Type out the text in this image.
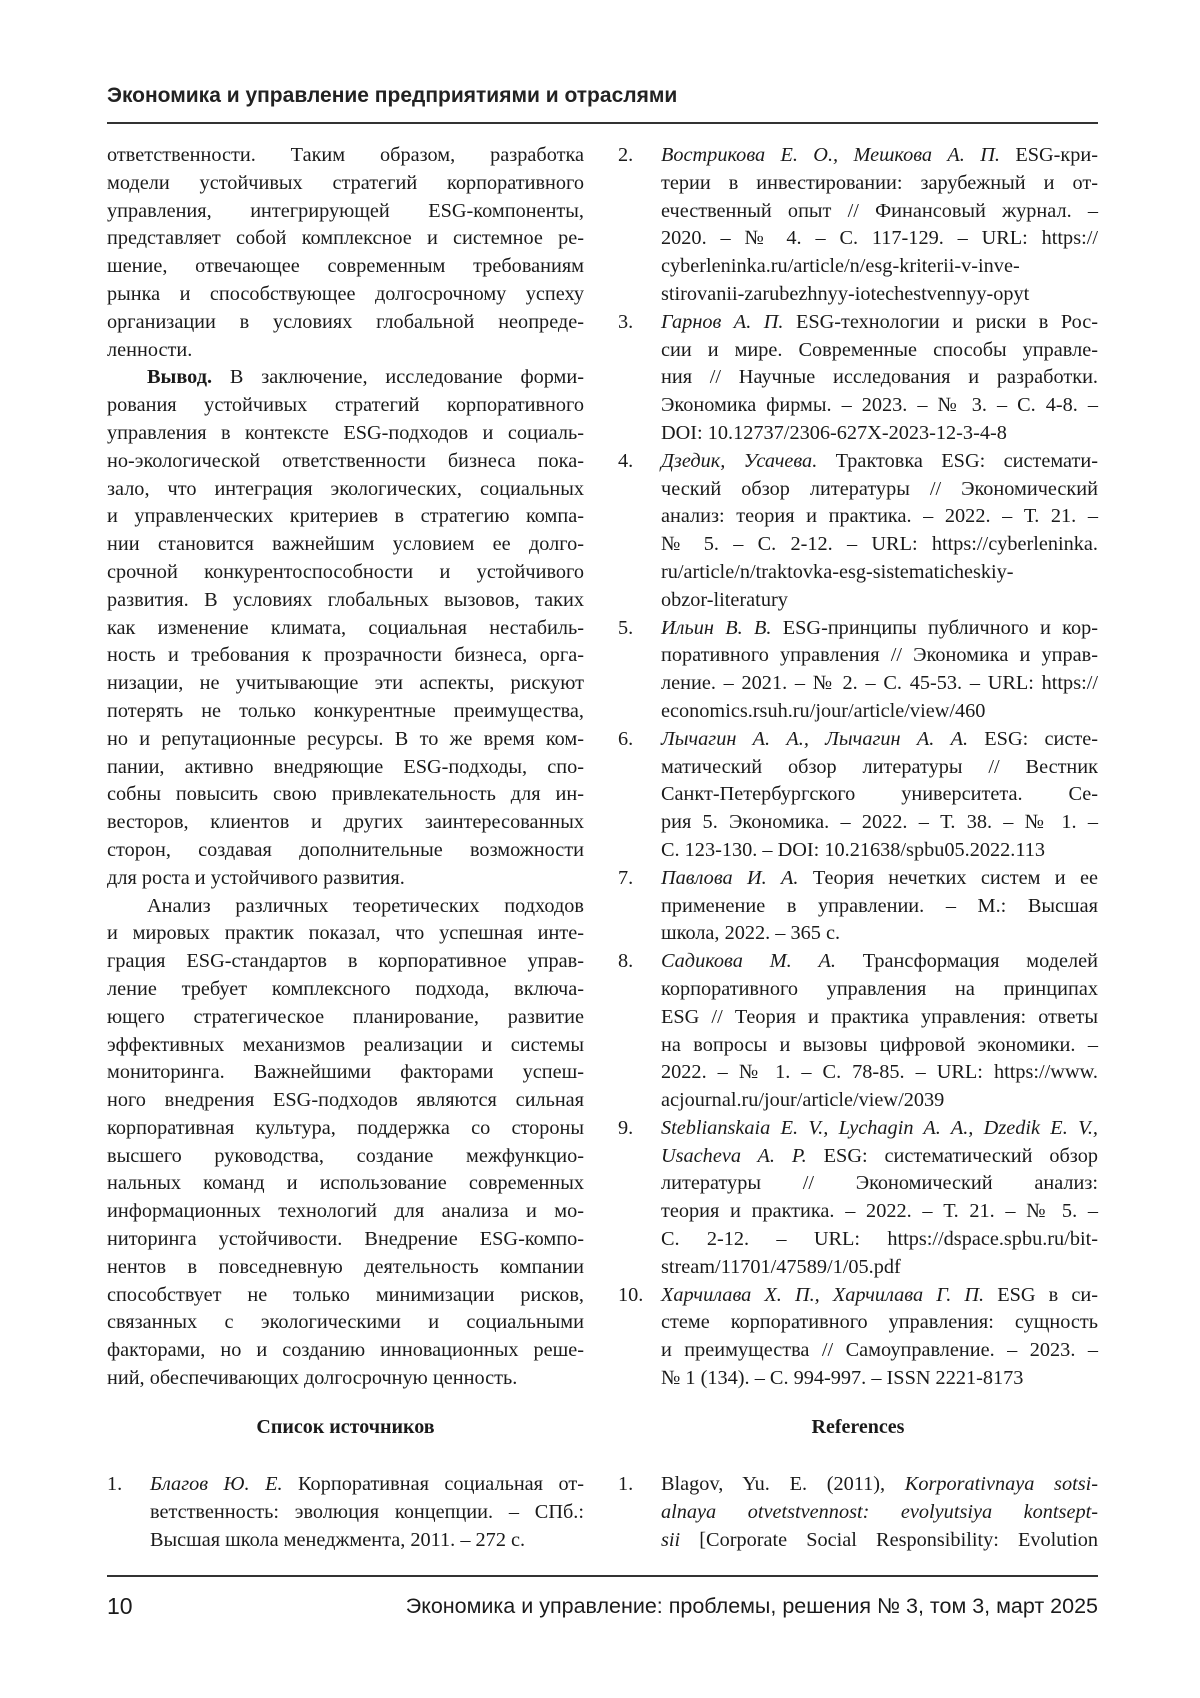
Экономика и управление предприятиями и отраслями
ответственности. Таким образом, разработка
модели устойчивых стратегий корпоративного
управления, интегрирующей ESG-компоненты,
представляет собой комплексное и системное ре-
шение, отвечающее современным требованиям
рынка и способствующее долгосрочному успеху
организации в условиях глобальной неопреде-
ленности.
Вывод. В заключение, исследование форми-
рования устойчивых стратегий корпоративного
управления в контексте ESG-подходов и социаль-
но-экологической ответственности бизнеса пока-
зало, что интеграция экологических, социальных
и управленческих критериев в стратегию компа-
нии становится важнейшим условием ее долго-
срочной конкурентоспособности и устойчивого
развития. В условиях глобальных вызовов, таких
как изменение климата, социальная нестабиль-
ность и требования к прозрачности бизнеса, орга-
низации, не учитывающие эти аспекты, рискуют
потерять не только конкурентные преимущества,
но и репутационные ресурсы. В то же время ком-
пании, активно внедряющие ESG-подходы, спо-
собны повысить свою привлекательность для ин-
весторов, клиентов и других заинтересованных
сторон, создавая дополнительные возможности
для роста и устойчивого развития.
Анализ различных теоретических подходов
и мировых практик показал, что успешная инте-
грация ESG-стандартов в корпоративное управ-
ление требует комплексного подхода, включа-
ющего стратегическое планирование, развитие
эффективных механизмов реализации и системы
мониторинга. Важнейшими факторами успеш-
ного внедрения ESG-подходов являются сильная
корпоративная культура, поддержка со стороны
высшего руководства, создание межфункцио-
нальных команд и использование современных
информационных технологий для анализа и мо-
ниторинга устойчивости. Внедрение ESG-компо-
нентов в повседневную деятельность компании
способствует не только минимизации рисков,
связанных с экологическими и социальными
факторами, но и созданию инновационных реше-
ний, обеспечивающих долгосрочную ценность.
2. Вострикова Е. О., Мешкова А. П. ESG-кри-
терии в инвестировании: зарубежный и от-
ечественный опыт // Финансовый журнал. –
2020. – № 4. – С. 117-129. – URL: https://
cyberleninka.ru/article/n/esg-kriterii-v-inve-
stirovanii-zarubezhnyy-iotechestvennyy-opyt
3. Гарнов А. П. ESG-технологии и риски в Рос-
сии и мире. Современные способы управле-
ния // Научные исследования и разработки.
Экономика фирмы. – 2023. – № 3. – С. 4-8. –
DOI: 10.12737/2306-627X-2023-12-3-4-8
4. Дзедик, Усачева. Трактовка ESG: системати-
ческий обзор литературы // Экономический
анализ: теория и практика. – 2022. – Т. 21. –
№ 5. – С. 2-12. – URL: https://cyberleninka.
ru/article/n/traktovka-esg-sistematicheskiy-
obzor-literatury
5. Ильин В. В. ESG-принципы публичного и кор-
поративного управления // Экономика и управ-
ление. – 2021. – № 2. – С. 45-53. – URL: https://
economics.rsuh.ru/jour/article/view/460
6. Лычагин А. А., Лычагин А. А. ESG: систе-
матический обзор литературы // Вестник
Санкт-Петербургского университета. Се-
рия 5. Экономика. – 2022. – Т. 38. – № 1. –
С. 123-130. – DOI: 10.21638/spbu05.2022.113
7. Павлова И. А. Теория нечетких систем и ее
применение в управлении. – М.: Высшая
школа, 2022. – 365 с.
8. Садикова М. А. Трансформация моделей
корпоративного управления на принципах
ESG // Теория и практика управления: ответы
на вопросы и вызовы цифровой экономики. –
2022. – № 1. – С. 78-85. – URL: https://www.
acjournal.ru/jour/article/view/2039
9. Steblianskaia E. V., Lychagin A. A., Dzedik E. V.,
Usacheva A. P. ESG: систематический обзор
литературы // Экономический анализ:
теория и практика. – 2022. – Т. 21. – № 5. –
С. 2-12. – URL: https://dspace.spbu.ru/bit-
stream/11701/47589/1/05.pdf
10. Харчилава Х. П., Харчилава Г. П. ESG в си-
стеме корпоративного управления: сущность
и преимущества // Самоуправление. – 2023. –
№ 1 (134). – С. 994-997. – ISSN 2221-8173
Список источников	References
1. Благов Ю. Е. Корпоративная социальная от-
ветственность: эволюция концепции. – СПб.:
Высшая школа менеджмента, 2011. – 272 с.
1. Blagov, Yu. E. (2011), Korporativnaya sotsi-
alnaya otvetstvennost: evolyutsiya kontsept-
sii [Corporate Social Responsibility: Evolution
10	Экономика и управление: проблемы, решения № 3, том 3, март 2025
